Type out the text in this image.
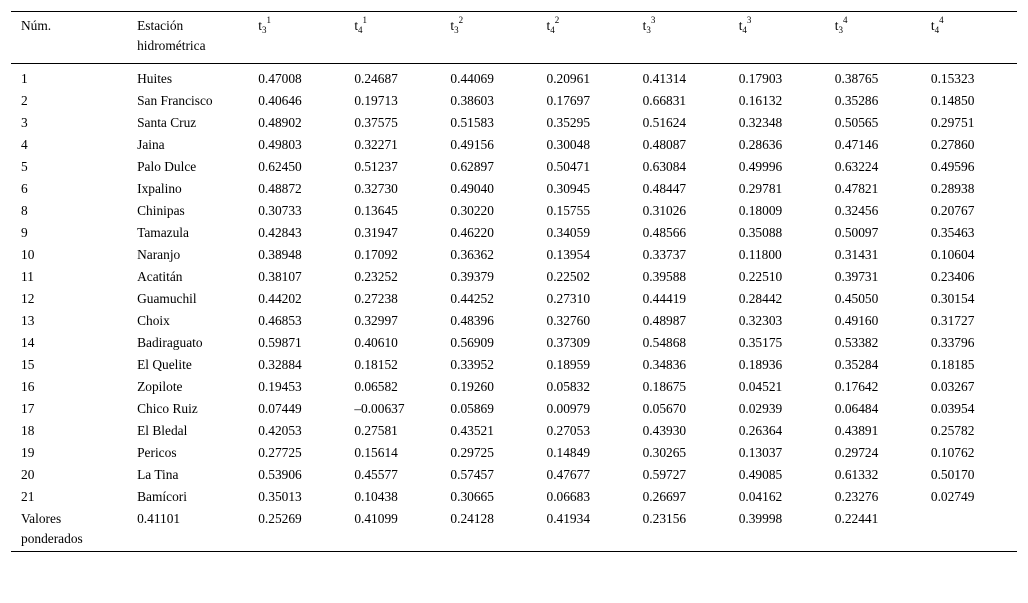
Núm.	Estación hidrométrica	$t_3^1$	$t_4^1$	$t_3^2$	$t_4^2$	$t_3^3$	$t_4^3$	$t_3^4$	$t_4^4$
1	Huites	0.47008	0.24687	0.44069	0.20961	0.41314	0.17903	0.38765	0.15323
2	San Francisco	0.40646	0.19713	0.38603	0.17697	0.66831	0.16132	0.35286	0.14850
3	Santa Cruz	0.48902	0.37575	0.51583	0.35295	0.51624	0.32348	0.50565	0.29751
4	Jaina	0.49803	0.32271	0.49156	0.30048	0.48087	0.28636	0.47146	0.27860
5	Palo Dulce	0.62450	0.51237	0.62897	0.50471	0.63084	0.49996	0.63224	0.49596
6	Ixpalino	0.48872	0.32730	0.49040	0.30945	0.48447	0.29781	0.47821	0.28938
8	Chinipas	0.30733	0.13645	0.30220	0.15755	0.31026	0.18009	0.32456	0.20767
9	Tamazula	0.42843	0.31947	0.46220	0.34059	0.48566	0.35088	0.50097	0.35463
10	Naranjo	0.38948	0.17092	0.36362	0.13954	0.33737	0.11800	0.31431	0.10604
11	Acatitán	0.38107	0.23252	0.39379	0.22502	0.39588	0.22510	0.39731	0.23406
12	Guamuchil	0.44202	0.27238	0.44252	0.27310	0.44419	0.28442	0.45050	0.30154
13	Choix	0.46853	0.32997	0.48396	0.32760	0.48987	0.32303	0.49160	0.31727
14	Badiraguato	0.59871	0.40610	0.56909	0.37309	0.54868	0.35175	0.53382	0.33796
15	El Quelite	0.32884	0.18152	0.33952	0.18959	0.34836	0.18936	0.35284	0.18185
16	Zopilote	0.19453	0.06582	0.19260	0.05832	0.18675	0.04521	0.17642	0.03267
17	Chico Ruiz	0.07449	–0.00637	0.05869	0.00979	0.05670	0.02939	0.06484	0.03954
18	El Bledal	0.42053	0.27581	0.43521	0.27053	0.43930	0.26364	0.43891	0.25782
19	Pericos	0.27725	0.15614	0.29725	0.14849	0.30265	0.13037	0.29724	0.10762
20	La Tina	0.53906	0.45577	0.57457	0.47677	0.59727	0.49085	0.61332	0.50170
21	Bamícori	0.35013	0.10438	0.30665	0.06683	0.26697	0.04162	0.23276	0.02749
Valores ponderados	0.41101	0.25269	0.41099	0.24128	0.41934	0.23156	0.39998	0.22441	
